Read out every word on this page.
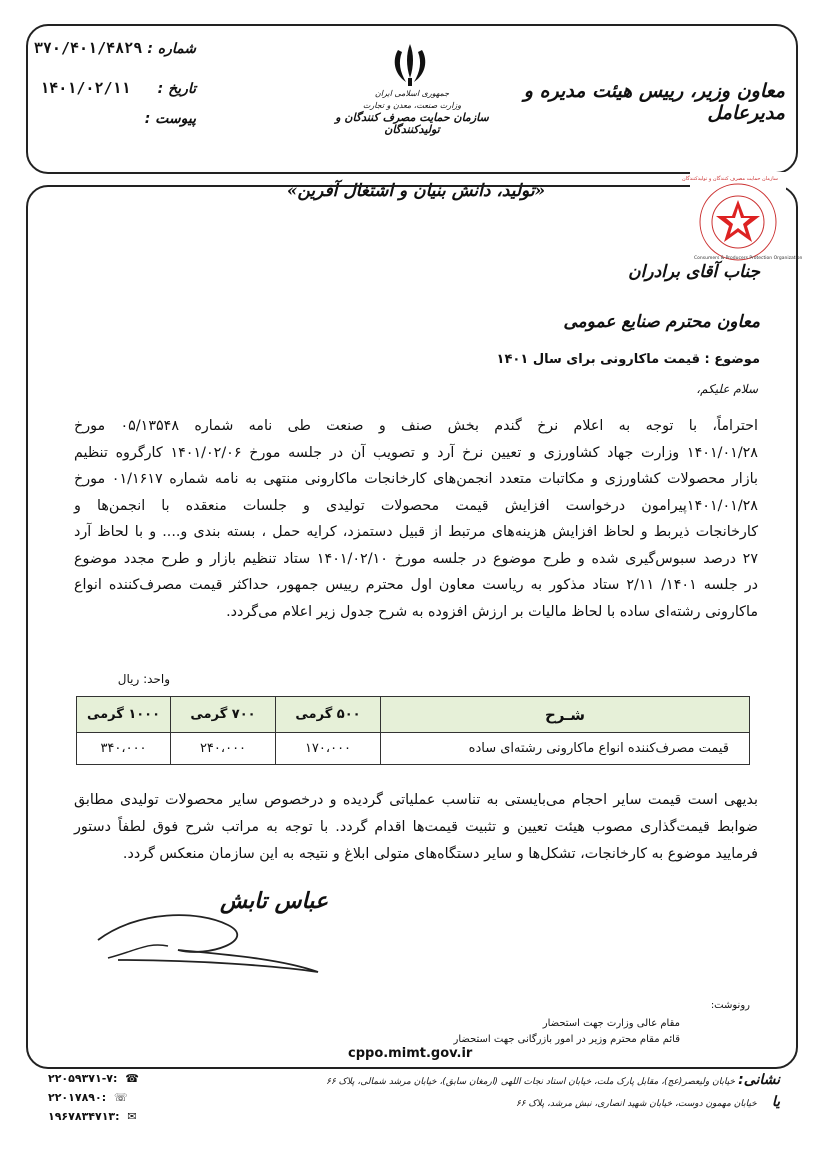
معاون وزیر، رییس هیئت مدیره و مدیرعامل
جمهوری اسلامی ایران
وزارت صنعت، معدن و تجارت
سازمان حمایت مصرف کنندگان و تولیدکنندگان
شماره : ۳۷۰/۴۰۱/۴۸۲۹
تاریخ : ۱۴۰۱/۰۲/۱۱
پیوست :
«تولید، دانش بنیان و اشتغال آفرین»
سازمان حمایت مصرف کنندگان و تولیدکنندگان
Consumers & Producers Protection Organization
جناب آقای برادران
معاون محترم صنایع عمومی
موضوع : قیمت ماکارونی برای سال ۱۴۰۱
سلام علیکم،
احتراماً، با توجه به اعلام نرخ گندم بخش صنف و صنعت طی نامه شماره ۰۵/۱۳۵۴۸ مورخ
۱۴۰۱/۰۱/۲۸ وزارت جهاد کشاورزی و تعیین نرخ آرد و تصویب آن در جلسه مورخ ۱۴۰۱/۰۲/۰۶ کارگروه تنظیم
بازار محصولات کشاورزی و مکاتبات متعدد انجمن‌های کارخانجات ماکارونی منتهی به نامه شماره ۰۱/۱۶۱۷ مورخ
۱۴۰۱/۰۱/۲۸پیرامون درخواست افزایش قیمت محصولات تولیدی و جلسات منعقده با انجمن‌ها و
کارخانجات ذیربط و لحاظ افزایش هزینه‌های مرتبط از قبیل دستمزد، کرایه حمل ، بسته بندی و.... و با لحاظ آرد
۲۷ درصد سبوس‌گیری شده و طرح موضوع در جلسه مورخ ۱۴۰۱/۰۲/۱۰ ستاد تنظیم بازار و طرح مجدد موضوع
در جلسه ۱۴۰۱/ ۲/۱۱ ستاد مذکور به ریاست معاون اول محترم رییس جمهور، حداکثر قیمت مصرف‌کننده انواع
ماکارونی رشته‌ای ساده با لحاظ مالیات بر ارزش افزوده به شرح جدول زیر اعلام می‌گردد.
واحد: ریال
شـرح	۵۰۰ گرمی	۷۰۰ گرمی	۱۰۰۰ گرمی
قیمت مصرف‌کننده انواع ماکارونی رشته‌ای ساده	۱۷۰،۰۰۰	۲۴۰،۰۰۰	۳۴۰،۰۰۰
بدیهی است قیمت سایر احجام می‌بایستی به تناسب عملیاتی گردیده و درخصوص سایر محصولات تولیدی مطابق
ضوابط قیمت‌گذاری مصوب هیئت تعیین و تثبیت قیمت‌ها اقدام گردد. با توجه به مراتب شرح فوق لطفاً دستور
فرمایید موضوع به کارخانجات، تشکل‌ها و سایر دستگاه‌های متولی ابلاغ و نتیجه به این سازمان منعکس گردد.
عباس تابش
رونوشت:
مقام عالی وزارت جهت استحضار
قائم مقام محترم وزیر در امور بازرگانی جهت استحضار
cppo.mimt.gov.ir
نشانی: خیابان ولیعصر(عج)، مقابل پارک ملت، خیابان استاد نجات اللهی (ارمغان سابق)، خیابان مرشد شمالی، پلاک ۶۶
یا خیابان مهمون دوست، خیابان شهید انصاری، نبش مرشد، پلاک ۶۶
۲۲۰۵۹۳۷۱-۷: ☎
۲۲۰۱۷۸۹۰: ☏
۱۹۶۷۸۳۴۷۱۳: ✉
